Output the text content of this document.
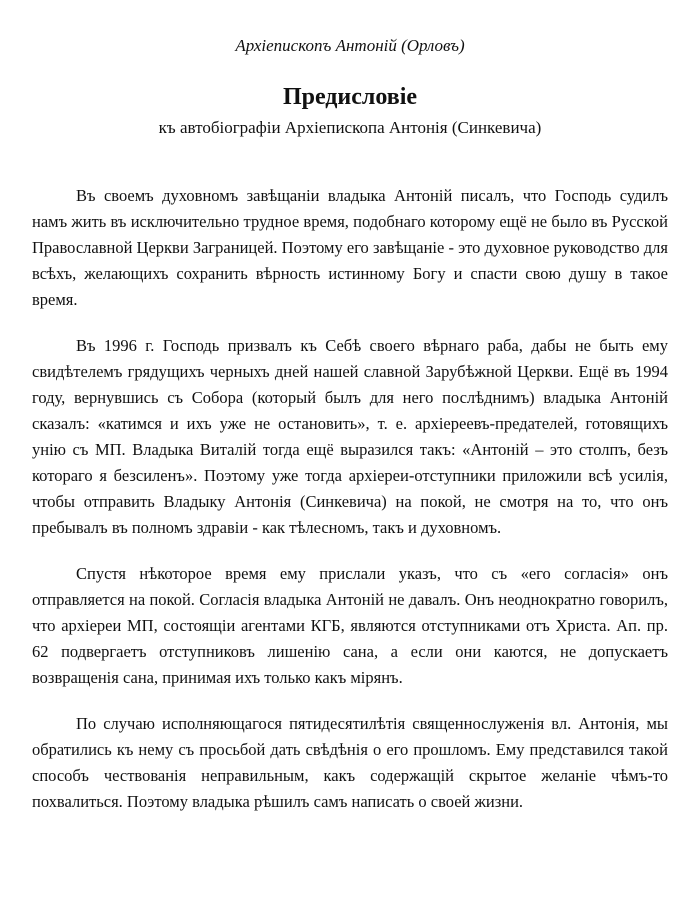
Архіепископъ Антоній (Орловъ)
Предисловіе
къ автобіографіи Архіепископа Антонія (Синкевича)

Въ своемъ духовномъ завѣщаніи владыка Антоній писалъ, что Господь судилъ намъ жить въ исключительно трудное время, подобнаго которому ещё не было въ Русской Православной Церкви Заграницей. Поэтому его завѣщаніе - это духовное руководство для всѣхъ, желающихъ сохранить вѣрность истинному Богу и спасти свою душу в такое время.

Въ 1996 г. Господь призвалъ къ Себѣ своего вѣрнаго раба, дабы не быть ему свидѣтелемъ грядущихъ черныхъ дней нашей славной Зарубѣжной Церкви. Ещё въ 1994 году, вернувшись съ Собора (который былъ для него послѣднимъ) владыка Антоній сказалъ: «катимся и ихъ уже не остановить», т. е. архіереевъ-предателей, готовящихъ унію съ МП. Владыка Виталій тогда ещё выразился такъ: «Антоній – это столпъ, безъ котораго я безсиленъ». Поэтому уже тогда архіереи-отступники приложили всѣ усилія, чтобы отправить Владыку Антонія (Синкевича) на покой, не смотря на то, что онъ пребывалъ въ полномъ здравіи - как тѣлесномъ, такъ и духовномъ.

Спустя нѣкоторое время ему прислали указъ, что съ «его согласія» онъ отправляется на покой. Согласія владыка Антоній не давалъ. Онъ неоднократно говорилъ, что архіереи МП, состоящіи агентами КГБ, являются отступниками отъ Христа. Ап. пр. 62 подвергаетъ отступниковъ лишенію сана, а если они каются, не допускаетъ возвращенія сана, принимая ихъ только какъ мірянъ.

По случаю исполняющагося пятидесятилѣтія священнослуженія вл. Антонія, мы обратились къ нему съ просьбой дать свѣдѣнія о его прошломъ. Ему представился такой способъ чествованія неправильным, какъ содержащій скрытое желаніе чѣмъ-то похвалиться. Поэтому владыка рѣшилъ самъ написать о своей жизни.
